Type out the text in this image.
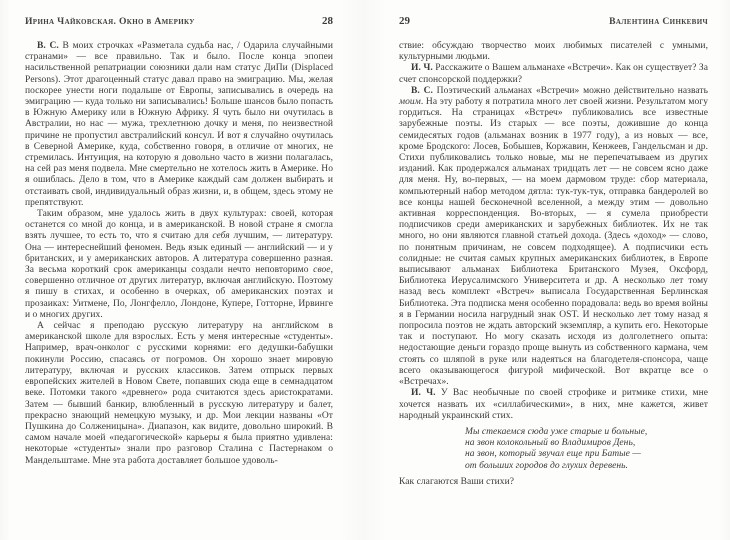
Ирина Чайковская. Окно в Америку	28

В. С. В моих строчках «Разметала судьба нас, / Одарила случайными странами» — все правильно. Так и было. После конца эпопеи насильственной репатриации союзники дали нам статус ДиПи (Displaced Persons). Этот драгоценный статус давал право на эмиграцию. Мы, желая поскорее унести ноги подальше от Европы, записывались в очередь на эмиграцию — куда только ни записывались! Больше шансов было попасть в Южную Америку или в Южную Африку. Я чуть было ни очутилась в Австралии, но нас — мужа, трехлетнюю дочку и меня, по неизвестной причине не пропустил австралийский консул. И вот я случайно очутилась в Северной Америке, куда, собственно говоря, в отличие от многих, не стремилась. Интуиция, на которую я довольно часто в жизни полагалась, на сей раз меня подвела. Мне смертельно не хотелось жить в Америке. Но я ошиблась. Дело в том, что в Америке каждый сам должен выбирать и отстаивать свой, индивидуальный образ жизни, и, в общем, здесь этому не препятствуют.

Таким образом, мне удалось жить в двух культурах: своей, которая останется со мной до конца, и в американской. В новой стране я смогла взять лучшее, то есть то, что я считаю для себя лучшим, — литературу. Она — интереснейший феномен. Ведь язык единый — английский — и у британских, и у американских авторов. А литература совершенно разная. За весьма короткий срок американцы создали нечто неповторимо свое, совершенно отличное от других литератур, включая английскую. Поэтому я пишу в стихах, и особенно в очерках, об американских поэтах и прозаиках: Уитмене, По, Лонгфелло, Лондоне, Купере, Готторне, Ирвинге и о многих других.

А сейчас я преподаю русскую литературу на английском в американской школе для взрослых. Есть у меня интересные «студенты». Например, врач-онколог с русскими корнями: его дедушки-бабушки покинули Россию, спасаясь от погромов. Он хорошо знает мировую литературу, включая и русских классиков. Затем отпрыск первых европейских жителей в Новом Свете, попавших сюда еще в семнадцатом веке. Потомки такого «древнего» рода считаются здесь аристократами. Затем — бывший банкир, влюбленный в русскую литературу и балет, прекрасно знающий немецкую музыку, и др. Мои лекции названы «От Пушкина до Солженицына». Диапазон, как видите, довольно широкий. В самом начале моей «педагогической» карьеры я была приятно удивлена: некоторые «студенты» знали про разговор Сталина с Пастернаком о Мандельштаме. Мне эта работа доставляет большое удоволь-

29	Валентина Синкевич

ствие: обсуждаю творчество моих любимых писателей с умными, культурными людьми.

И. Ч. Расскажите о Вашем альманахе «Встречи». Как он существует? За счет спонсорской поддержки?

В. С. Поэтический альманах «Встречи» можно действительно назвать моим. На эту работу я потратила много лет своей жизни. Результатом могу гордиться. На страницах «Встреч» публиковались все известные зарубежные поэты. Из старых — все поэты, дожившие до конца семидесятых годов (альманах возник в 1977 году), а из новых — все, кроме Бродского: Лосев, Бобышев, Коржавин, Кенжеев, Гандельсман и др. Стихи публиковались только новые, мы не перепечатываем из других изданий. Как продержался альманах тридцать лет — не совсем ясно даже для меня. Ну, во-первых, — на моем дармовом труде: сбор материала, компьютерный набор методом дятла: тук-тук-тук, отправка бандеролей во все концы нашей бесконечной вселенной, а между этим — довольно активная корреспонденция. Во-вторых, — я сумела приобрести подписчиков среди американских и зарубежных библиотек. Их не так много, но они являются главной статьей дохода. (Здесь «доход» — слово, по понятным причинам, не совсем подходящее). А подписчики есть солидные: не считая самых крупных американских библиотек, в Европе выписывают альманах Библиотека Британского Музея, Оксфорд, Библиотека Иерусалимского Университета и др. А несколько лет тому назад весь комплект «Встреч» выписала Государственная Берлинская Библиотека. Эта подписка меня особенно порадовала: ведь во время войны я в Германии носила нагрудный знак OST. И несколько лет тому назад я попросила поэтов не ждать авторский экземпляр, а купить его. Некоторые так и поступают. Но могу сказать исходя из долголетнего опыта: недостающие деньги гораздо проще вынуть из собственного кармана, чем стоять со шляпой в руке или надеяться на благодетеля-спонсора, чаще всего оказывающегося фигурой мифической. Вот вкратце все о «Встречах».

И. Ч. У Вас необычные по своей строфике и ритмике стихи, мне хочется назвать их «силлабическими», в них, мне кажется, живет народный украинский стих.

Мы стекаемся сюда уже старые и больные,
на звон колокольный во Владимиров День,
на звон, который звучал еще при Батые —
от больших городов до глухих деревень.

Как слагаются Ваши стихи?
